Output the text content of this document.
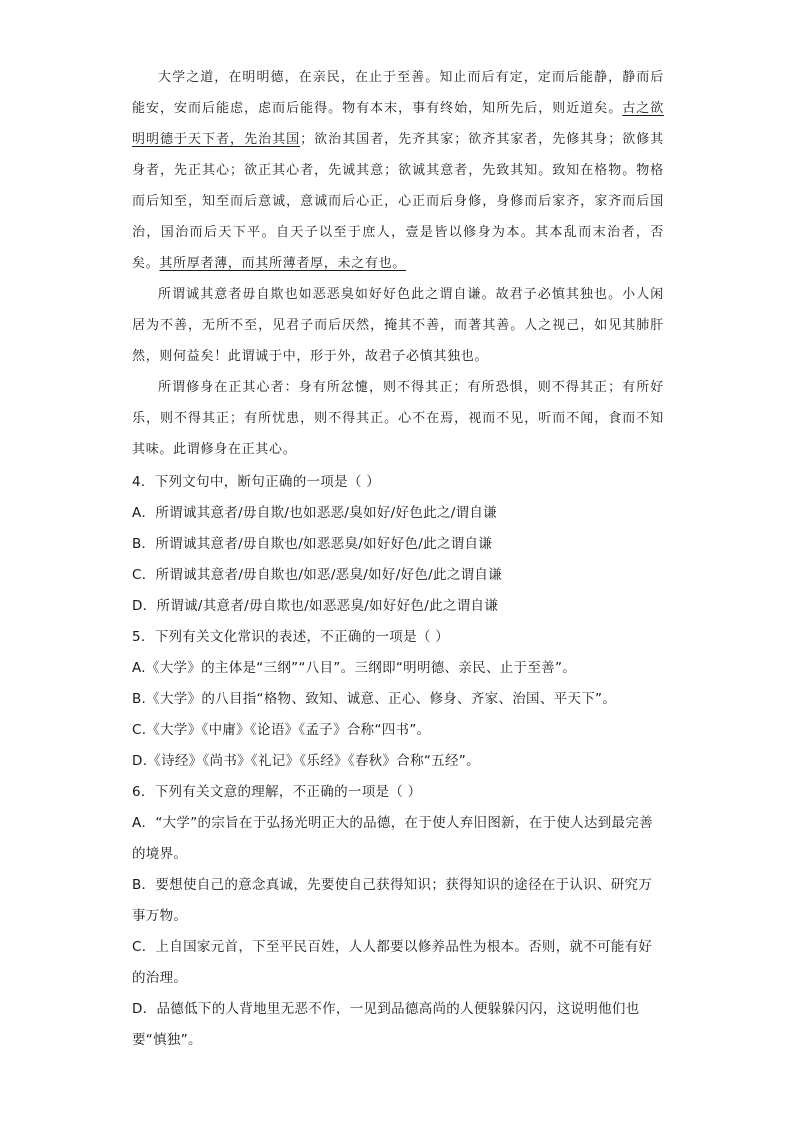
大学之道，在明明德，在亲民，在止于至善。知止而后有定，定而后能静，静而后能安，安而后能虑，虑而后能得。物有本末，事有终始，知所先后，则近道矣。古之欲明明德于天下者，先治其国；欲治其国者，先齐其家；欲齐其家者，先修其身；欲修其身者，先正其心；欲正其心者，先诚其意；欲诚其意者，先致其知。致知在格物。物格而后知至，知至而后意诚，意诚而后心正，心正而后身修，身修而后家齐，家齐而后国治，国治而后天下平。自天子以至于庶人，壹是皆以修身为本。其本乱而末治者，否矣。其所厚者薄，而其所薄者厚，未之有也。

所谓诚其意者毋自欺也如恶恶臭如好好色此之谓自谦。故君子必慎其独也。小人闲居为不善，无所不至，见君子而后厌然，掩其不善，而著其善。人之视己，如见其肺肝然，则何益矣！此谓诚于中，形于外，故君子必慎其独也。

所谓修身在正其心者：身有所忿懥，则不得其正；有所恐惧，则不得其正；有所好乐，则不得其正；有所忧患，则不得其正。心不在焉，视而不见，听而不闻，食而不知其味。此谓修身在正其心。

4．下列文句中，断句正确的一项是（ ）

A．所谓诚其意者/毋自欺/也如恶恶/臭如好/好色此之/谓自谦

B．所谓诚其意者/毋自欺也/如恶恶臭/如好好色/此之谓自谦

C．所谓诚其意者/毋自欺也/如恶/恶臭/如好/好色/此之谓自谦

D．所谓诚/其意者/毋自欺也/如恶恶臭/如好好色/此之谓自谦

5．下列有关文化常识的表述，不正确的一项是（ ）

A.《大学》的主体是“三纲”“八目”。三纲即“明明德、亲民、止于至善”。

B.《大学》的八目指“格物、致知、诚意、正心、修身、齐家、治国、平天下”。

C.《大学》《中庸》《论语》《孟子》合称“四书”。

D.《诗经》《尚书》《礼记》《乐经》《春秋》合称“五经”。

6．下列有关文意的理解，不正确的一项是（ ）

A．“大学”的宗旨在于弘扬光明正大的品德，在于使人弃旧图新，在于使人达到最完善的境界。

B．要想使自己的意念真诚，先要使自己获得知识；获得知识的途径在于认识、研究万事万物。

C．上自国家元首，下至平民百姓，人人都要以修养品性为根本。否则，就不可能有好的治理。

D．品德低下的人背地里无恶不作，一见到品德高尚的人便躲躲闪闪，这说明他们也要“慎独”。
